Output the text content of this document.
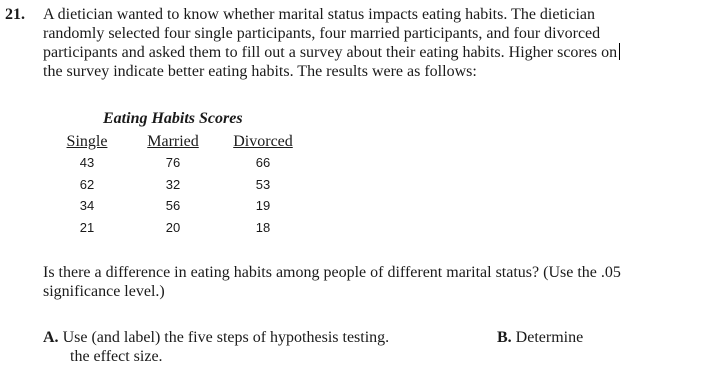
21. A dietician wanted to know whether marital status impacts eating habits. The dietician
randomly selected four single participants, four married participants, and four divorced
participants and asked them to fill out a survey about their eating habits. Higher scores on
the survey indicate better eating habits. The results were as follows:
Eating Habits Scores
Single
43
62
34
21
Married
76
32
56
20
Divorced
66
53
19
18
Is there a difference in eating habits among people of different marital status? (Use the .05
significance level.)
A. Use (and label) the five steps of hypothesis testing.	B. Determine
the effect size.
